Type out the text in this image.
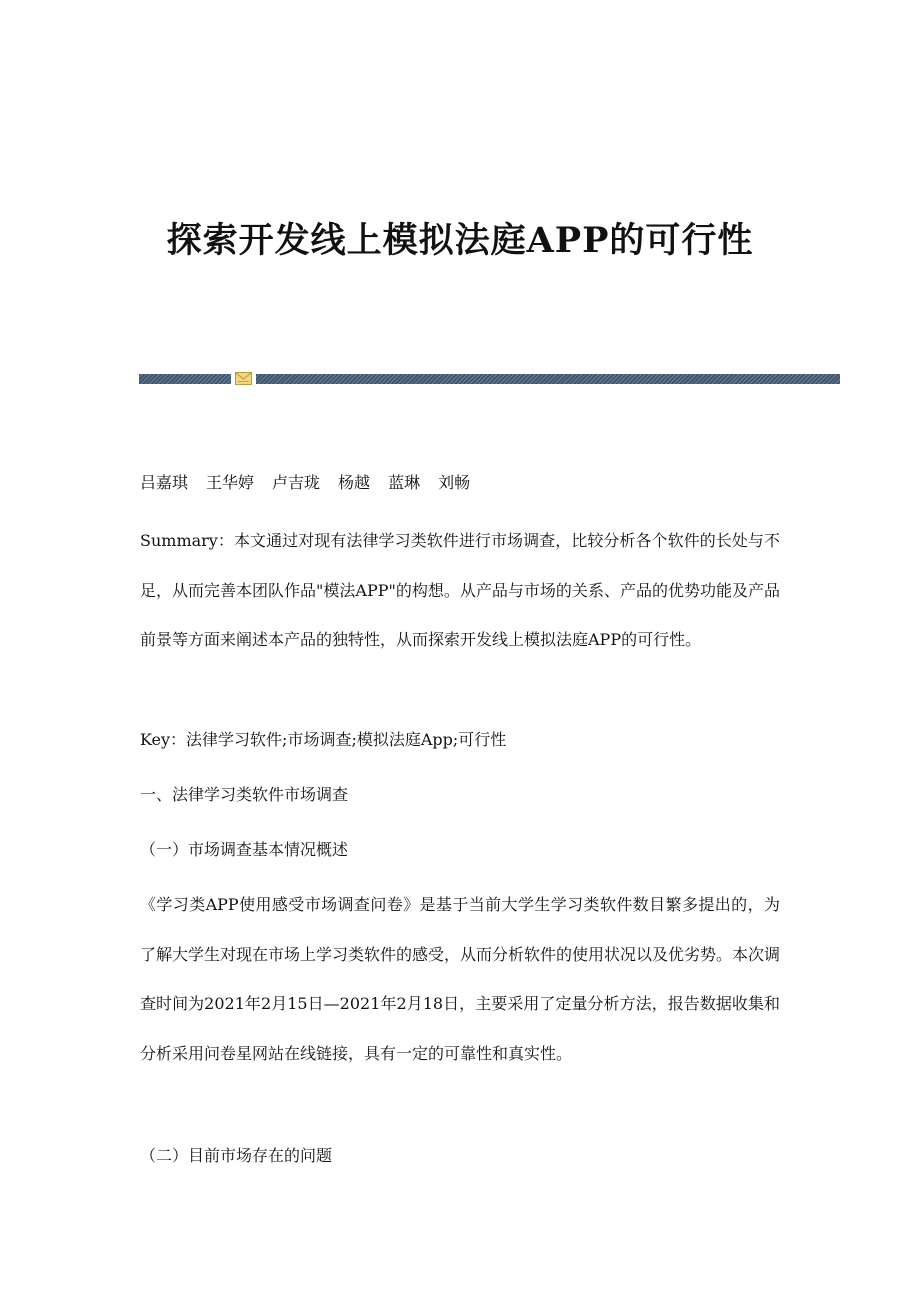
探索开发线上模拟法庭APP的可行性
吕嘉琪 王华婷 卢吉珑 杨越 蓝琳 刘畅

Summary：本文通过对现有法律学习类软件进行市场调查，比较分析各个软件的长处与不足，从而完善本团队作品"模法APP"的构想。从产品与市场的关系、产品的优势功能及产品前景等方面来阐述本产品的独特性，从而探索开发线上模拟法庭APP的可行性。

Key：法律学习软件;市场调查;模拟法庭App;可行性

一、法律学习类软件市场调查

（一）市场调查基本情况概述

《学习类APP使用感受市场调查问卷》是基于当前大学生学习类软件数目繁多提出的，为了解大学生对现在市场上学习类软件的感受，从而分析软件的使用状况以及优劣势。本次调查时间为2021年2月15日—2021年2月18日，主要采用了定量分析方法，报告数据收集和分析采用问卷星网站在线链接，具有一定的可靠性和真实性。

（二）目前市场存在的问题
